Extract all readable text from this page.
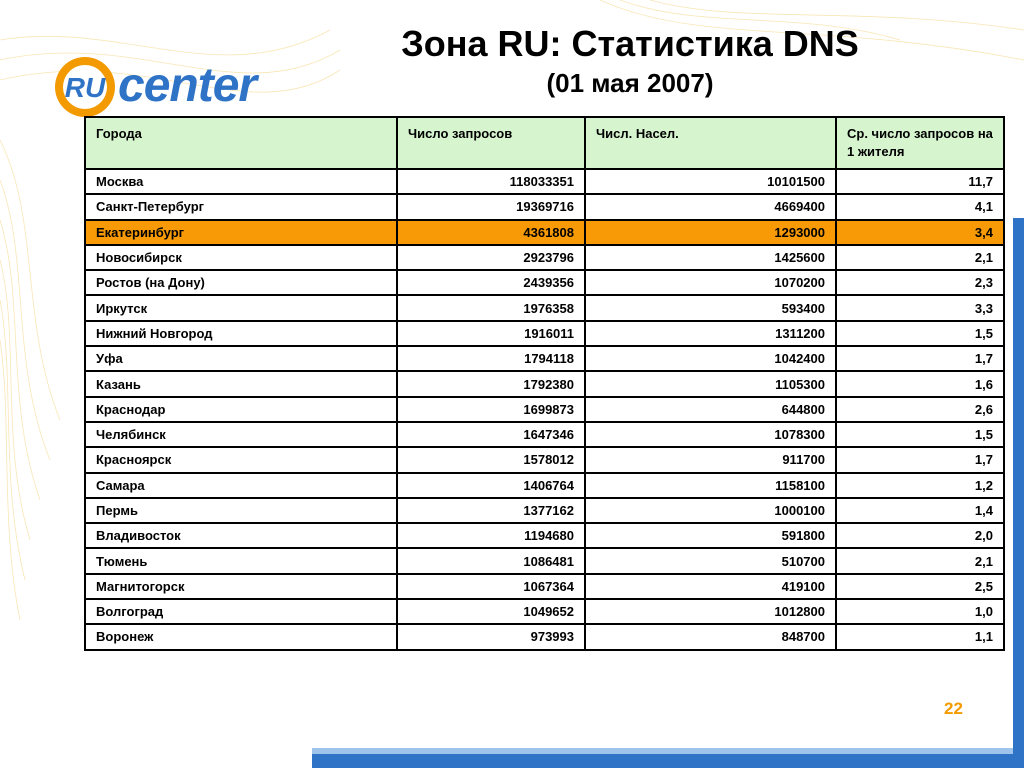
RU center
Зона RU: Статистика DNS
(01 мая 2007)
Города	Число запросов	Числ. Насел.	Ср. число запросов на 1 жителя
Москва	118033351	10101500	11,7
Санкт-Петербург	19369716	4669400	4,1
Екатеринбург	4361808	1293000	3,4
Новосибирск	2923796	1425600	2,1
Ростов (на Дону)	2439356	1070200	2,3
Иркутск	1976358	593400	3,3
Нижний Новгород	1916011	1311200	1,5
Уфа	1794118	1042400	1,7
Казань	1792380	1105300	1,6
Краснодар	1699873	644800	2,6
Челябинск	1647346	1078300	1,5
Красноярск	1578012	911700	1,7
Самара	1406764	1158100	1,2
Пермь	1377162	1000100	1,4
Владивосток	1194680	591800	2,0
Тюмень	1086481	510700	2,1
Магнитогорск	1067364	419100	2,5
Волгоград	1049652	1012800	1,0
Воронеж	973993	848700	1,1
22
